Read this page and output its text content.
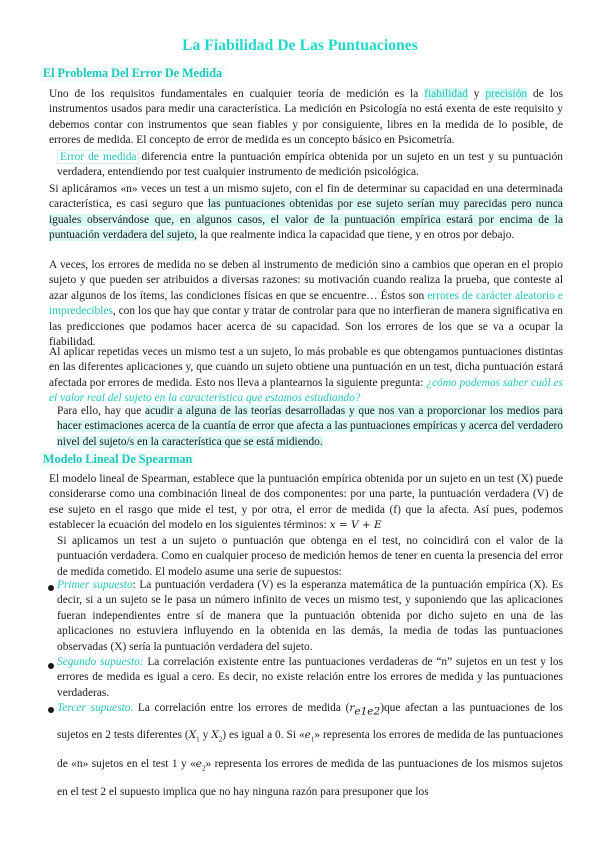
La Fiabilidad De Las Puntuaciones
El Problema Del Error De Medida

Uno de los requisitos fundamentales en cualquier teoría de medición es la fiabilidad y precisión de los instrumentos usados para medir una característica. La medición en Psicología no está exenta de este requisito y debemos contar con instrumentos que sean fiables y por consiguiente, libres en la medida de lo posible, de errores de medida. El concepto de error de medida es un concepto básico en Psicometría.

Error de medida diferencia entre la puntuación empírica obtenida por un sujeto en un test y su puntuación verdadera, entendiendo por test cualquier instrumento de medición psicológica.

Si aplicáramos «n» veces un test a un mismo sujeto, con el fin de determinar su capacidad en una determinada característica, es casi seguro que las puntuaciones obtenidas por ese sujeto serían muy parecidas pero nunca iguales observándose que, en algunos casos, el valor de la puntuación empírica estará por encima de la puntuación verdadera del sujeto, la que realmente indica la capacidad que tiene, y en otros por debajo.

A veces, los errores de medida no se deben al instrumento de medición sino a cambios que operan en el propio sujeto y que pueden ser atribuidos a diversas razones: su motivación cuando realiza la prueba, que conteste al azar algunos de los ítems, las condiciones físicas en que se encuentre… Éstos son errores de carácter aleatorio e impredecibles, con los que hay que contar y tratar de controlar para que no interfieran de manera significativa en las predicciones que podamos hacer acerca de su capacidad. Son los errores de los que se va a ocupar la fiabilidad.

Al aplicar repetidas veces un mismo test a un sujeto, lo más probable es que obtengamos puntuaciones distintas en las diferentes aplicaciones y, que cuando un sujeto obtiene una puntuación en un test, dicha puntuación estará afectada por errores de medida. Esto nos lleva a plantearnos la siguiente pregunta: ¿cómo podemos saber cuál es el valor real del sujeto en la característica que estamos estudiando?

Para ello, hay que acudir a alguna de las teorías desarrolladas y que nos van a proporcionar los medios para hacer estimaciones acerca de la cuantía de error que afecta a las puntuaciones empíricas y acerca del verdadero nivel del sujeto/s en la característica que se está midiendo.

Modelo Lineal De Spearman

El modelo lineal de Spearman, establece que la puntuación empírica obtenida por un sujeto en un test (X) puede considerarse como una combinación lineal de dos componentes: por una parte, la puntuación verdadera (V) de ese sujeto en el rasgo que mide el test, y por otra, el error de medida (f) que la afecta. Así pues, podemos establecer la ecuación del modelo en los siguientes términos: x = V + E

Si aplicamos un test a un sujeto o puntuación que obtenga en el test, no coincidirá con el valor de la puntuación verdadera. Como en cualquier proceso de medición hemos de tener en cuenta la presencia del error de medida cometido. El modelo asume una serie de supuestos:

Primer supuesto: La puntuación verdadera (V) es la esperanza matemática de la puntuación empírica (X). Es decir, si a un sujeto se le pasa un número infinito de veces un mismo test, y suponiendo que las aplicaciones fueran independientes entre sí de manera que la puntuación obtenida por dicho sujeto en una de las aplicaciones no estuviera influyendo en la obtenida en las demás, la media de todas las puntuaciones observadas (X) sería la puntuación verdadera del sujeto.

Segundo supuesto: La correlación existente entre las puntuaciones verdaderas de “n” sujetos en un test y los errores de medida es igual a cero. Es decir, no existe relación entre los errores de medida y las puntuaciones verdaderas.

Tercer supuesto. La correlación entre los errores de medida $(r_{e1e2})que$ afectan a las puntuaciones de los sujetos en 2 tests diferentes ($X_1$ y $X_2$) es igual a 0. Si «$e_1$» representa los errores de medida de las puntuaciones de «n» sujetos en el test 1 y «$e_2$» representa los errores de medida de las puntuaciones de los mismos sujetos en el test 2 el supuesto implica que no hay ninguna razón para presuponer que los
